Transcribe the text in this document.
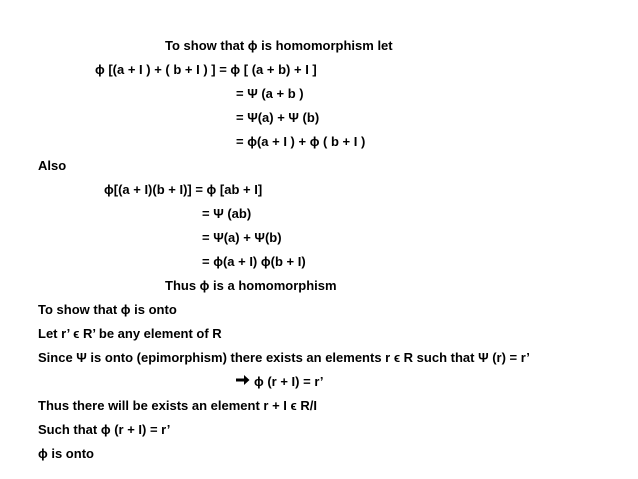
To show that ϕ is homomorphism let
ϕ [(a + I ) + ( b + I ) ] = ϕ [ (a + b) + I ]
= Ψ (a + b )
= Ψ(a) + Ψ (b)
= ϕ(a + I ) + ϕ ( b + I )
Also
ϕ[(a + I)(b + I)] = ϕ [ab + I]
= Ψ (ab)
= Ψ(a) + Ψ(b)
= ϕ(a + I) ϕ(b + I)
Thus ϕ is a homomorphism
To show that ϕ is onto
Let r’ ϵ R’ be any element of R
Since Ψ is onto (epimorphism) there exists an elements r ϵ R such that Ψ (r) = r’
ϕ (r + I) = r’
Thus there will be exists an element r + I ϵ R/I
Such that ϕ (r + I) = r’
ϕ is onto
